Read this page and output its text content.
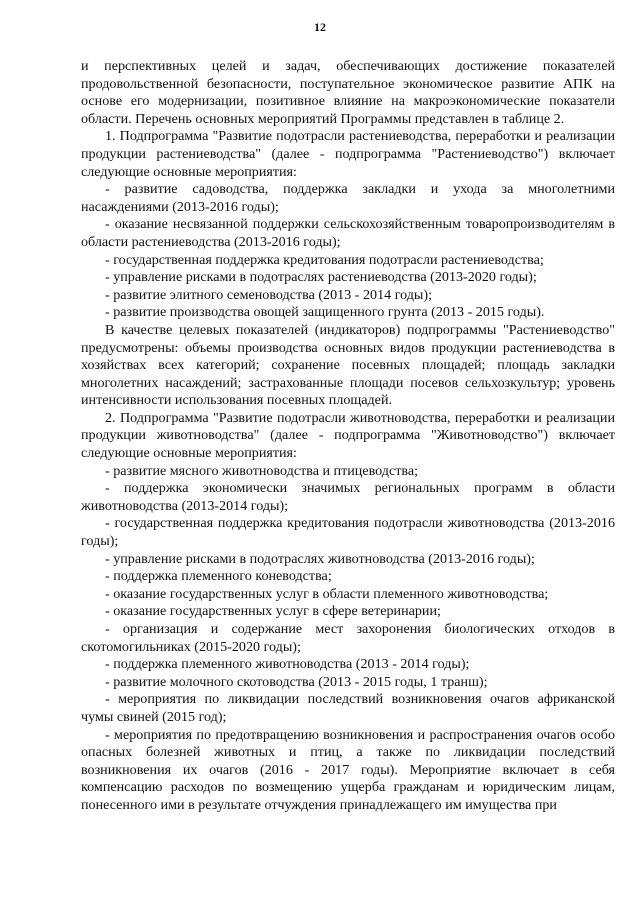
12

и перспективных целей и задач, обеспечивающих достижение показателей продовольственной безопасности, поступательное экономическое развитие АПК на основе его модернизации, позитивное влияние на макроэкономические показатели области. Перечень основных мероприятий Программы представлен в таблице 2.

1. Подпрограмма "Развитие подотрасли растениеводства, переработки и реализации продукции растениеводства" (далее - подпрограмма "Растениеводство") включает следующие основные мероприятия:

- развитие садоводства, поддержка закладки и ухода за многолетними насаждениями (2013-2016 годы);

- оказание несвязанной поддержки сельскохозяйственным товаропроизводителям в области растениеводства (2013-2016 годы);

- государственная поддержка кредитования подотрасли растениеводства;

- управление рисками в подотраслях растениеводства (2013-2020 годы);

- развитие элитного семеноводства (2013 - 2014 годы);

- развитие производства овощей защищенного грунта (2013 - 2015 годы).

В качестве целевых показателей (индикаторов) подпрограммы "Растениеводство" предусмотрены: объемы производства основных видов продукции растениеводства в хозяйствах всех категорий; сохранение посевных площадей; площадь закладки многолетних насаждений; застрахованные площади посевов сельхозкультур; уровень интенсивности использования посевных площадей.

2. Подпрограмма "Развитие подотрасли животноводства, переработки и реализации продукции животноводства" (далее - подпрограмма "Животноводство") включает следующие основные мероприятия:

- развитие мясного животноводства и птицеводства;

- поддержка экономически значимых региональных программ в области животноводства (2013-2014 годы);

- государственная поддержка кредитования подотрасли животноводства (2013-2016 годы);

- управление рисками в подотраслях животноводства (2013-2016 годы);

- поддержка племенного коневодства;

- оказание государственных услуг в области племенного животноводства;

- оказание государственных услуг в сфере ветеринарии;

- организация и содержание мест захоронения биологических отходов в скотомогильниках (2015-2020 годы);

- поддержка племенного животноводства (2013 - 2014 годы);

- развитие молочного скотоводства (2013 - 2015 годы, 1 транш);

- мероприятия по ликвидации последствий возникновения очагов африканской чумы свиней (2015 год);

- мероприятия по предотвращению возникновения и распространения очагов особо опасных болезней животных и птиц, а также по ликвидации последствий возникновения их очагов (2016 - 2017 годы). Мероприятие включает в себя компенсацию расходов по возмещению ущерба гражданам и юридическим лицам, понесенного ими в результате отчуждения принадлежащего им имущества при
